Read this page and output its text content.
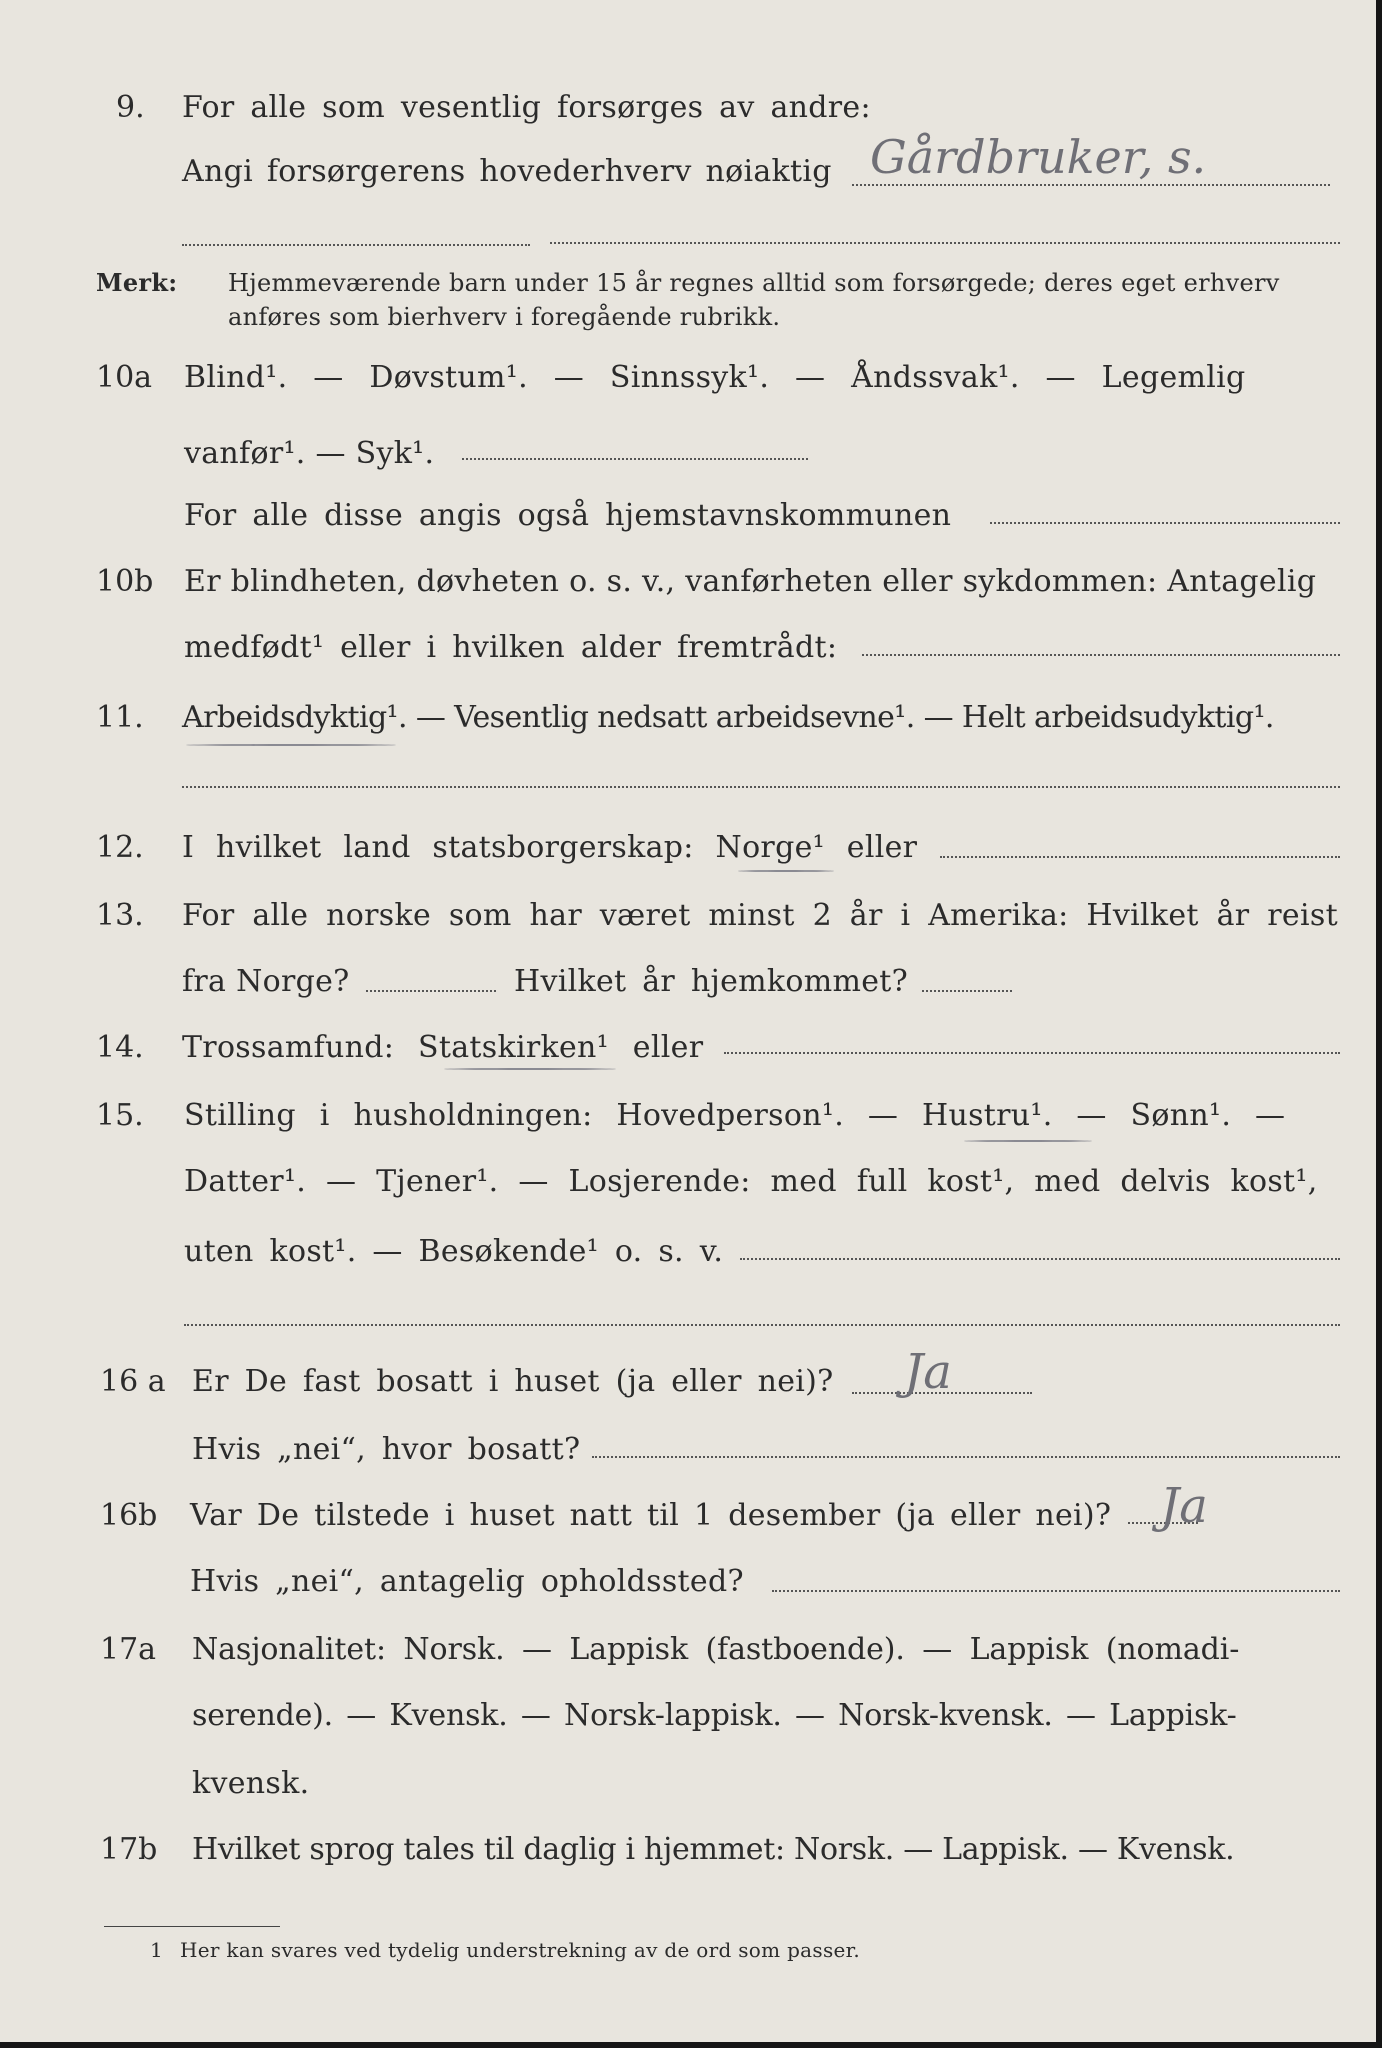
9. For alle som vesentlig forsørges av andre:
Angi forsørgerens hovederhverv nøiaktig Gårdbruker, s.
Merk: Hjemmeværende barn under 15 år regnes alltid som forsørgede; deres eget erhverv
anføres som bierhverv i foregående rubrikk.
10a Blind¹. — Døvstum¹. — Sinnssyk¹. — Åndssvak¹. — Legemlig
vanfør¹. — Syk¹.
For alle disse angis også hjemstavnskommunen
10b Er blindheten, døvheten o. s. v., vanførheten eller sykdommen: Antagelig
medfødt¹ eller i hvilken alder fremtrådt:
11. Arbeidsdyktig¹. — Vesentlig nedsatt arbeidsevne¹. — Helt arbeidsudyktig¹.
12. I hvilket land statsborgerskap: Norge¹ eller
13. For alle norske som har været minst 2 år i Amerika: Hvilket år reist
fra Norge?	Hvilket år hjemkommet?
14. Trossamfund: Statskirken¹ eller
15. Stilling i husholdningen: Hovedperson¹. — Hustru¹. — Sønn¹. —
Datter¹. — Tjener¹. — Losjerende: med full kost¹, med delvis kost¹,
uten kost¹. — Besøkende¹ o. s. v.
16 a Er De fast bosatt i huset (ja eller nei)? Ja
Hvis „nei“, hvor bosatt?
16b Var De tilstede i huset natt til 1 desember (ja eller nei)? Ja
Hvis „nei“, antagelig opholdssted?
17a Nasjonalitet: Norsk. — Lappisk (fastboende). — Lappisk (nomadi-
serende). — Kvensk. — Norsk-lappisk. — Norsk-kvensk. — Lappisk-
kvensk.
17b Hvilket sprog tales til daglig i hjemmet: Norsk. — Lappisk. — Kvensk.
1 Her kan svares ved tydelig understrekning av de ord som passer.
